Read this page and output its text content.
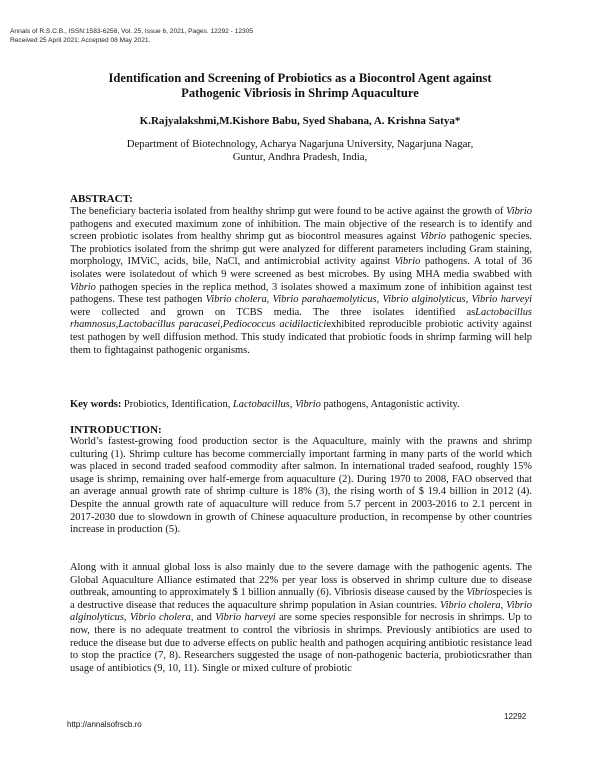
Annals of R.S.C.B., ISSN:1583-6258, Vol. 25, Issue 6, 2021, Pages. 12292 - 12305
Received 25 April 2021; Accepted 08 May 2021.
Identification and Screening of Probiotics as a Biocontrol Agent against
Pathogenic Vibriosis in Shrimp Aquaculture
K.Rajyalakshmi,M.Kishore Babu, Syed Shabana, A. Krishna Satya*
Department of Biotechnology, Acharya Nagarjuna University, Nagarjuna Nagar,
Guntur, Andhra Pradesh, India,
ABSTRACT:

The beneficiary bacteria isolated from healthy shrimp gut were found to be active against the growth of Vibrio pathogens and executed maximum zone of inhibition. The main objective of the research is to identify and screen probiotic isolates from healthy shrimp gut as biocontrol measures against Vibrio pathogenic species. The probiotics isolated from the shrimp gut were analyzed for different parameters including Gram staining, morphology, IMViC, acids, bile, NaCl, and antimicrobial activity against Vibrio pathogens. A total of 36 isolates were isolatedout of which 9 were screened as best microbes. By using MHA media swabbed with Vibrio pathogen species in the replica method, 3 isolates showed a maximum zone of inhibition against test pathogens. These test pathogen Vibrio cholera, Vibrio parahaemolyticus, Vibrio alginolyticus, Vibrio harveyi were collected and grown on TCBS media. The three isolates identified asLactobacillus rhamnosus,Lactobacillus paracasei,Pediococcus acidilacticiexhibited reproducible probiotic activity against test pathogen by well diffusion method. This study indicated that probiotic foods in shrimp farming will help them to fightagainst pathogenic organisms.

Key words: Probiotics, Identification, Lactobacillus, Vibrio pathogens, Antagonistic activity.
INTRODUCTION:

World’s fastest-growing food production sector is the Aquaculture, mainly with the prawns and shrimp culturing (1). Shrimp culture has become commercially important farming in many parts of the world which was placed in second traded seafood commodity after salmon. In international traded seafood, roughly 15% usage is shrimp, remaining over half-emerge from aquaculture (2). During 1970 to 2008, FAO observed that an average annual growth rate of shrimp culture is 18% (3), the rising worth of $ 19.4 billion in 2012 (4). Despite the annual growth rate of aquaculture will reduce from 5.7 percent in 2003-2016 to 2.1 percent in 2017-2030 due to slowdown in growth of Chinese aquaculture production, in recompense by other countries increase in production (5).

Along with it annual global loss is also mainly due to the severe damage with the pathogenic agents. The Global Aquaculture Alliance estimated that 22% per year loss is observed in shrimp culture due to disease outbreak, amounting to approximately $ 1 billion annually (6). Vibriosis disease caused by the Vibriospecies is a destructive disease that reduces the aquaculture shrimp population in Asian countries. Vibrio cholera, Vibrio alginolyticus, Vibrio cholera, and Vibrio harveyi are some species responsible for necrosis in shrimps. Up to now, there is no adequate treatment to control the vibriosis in shrimps. Previously antibiotics are used to reduce the disease but due to adverse effects on public health and pathogen acquiring antibiotic resistance lead to stop the practice (7, 8). Researchers suggested the usage of non-pathogenic bacteria, probioticsrather than usage of antibiotics (9, 10, 11). Single or mixed culture of probiotic

http://annalsofrscb.ro
12292
